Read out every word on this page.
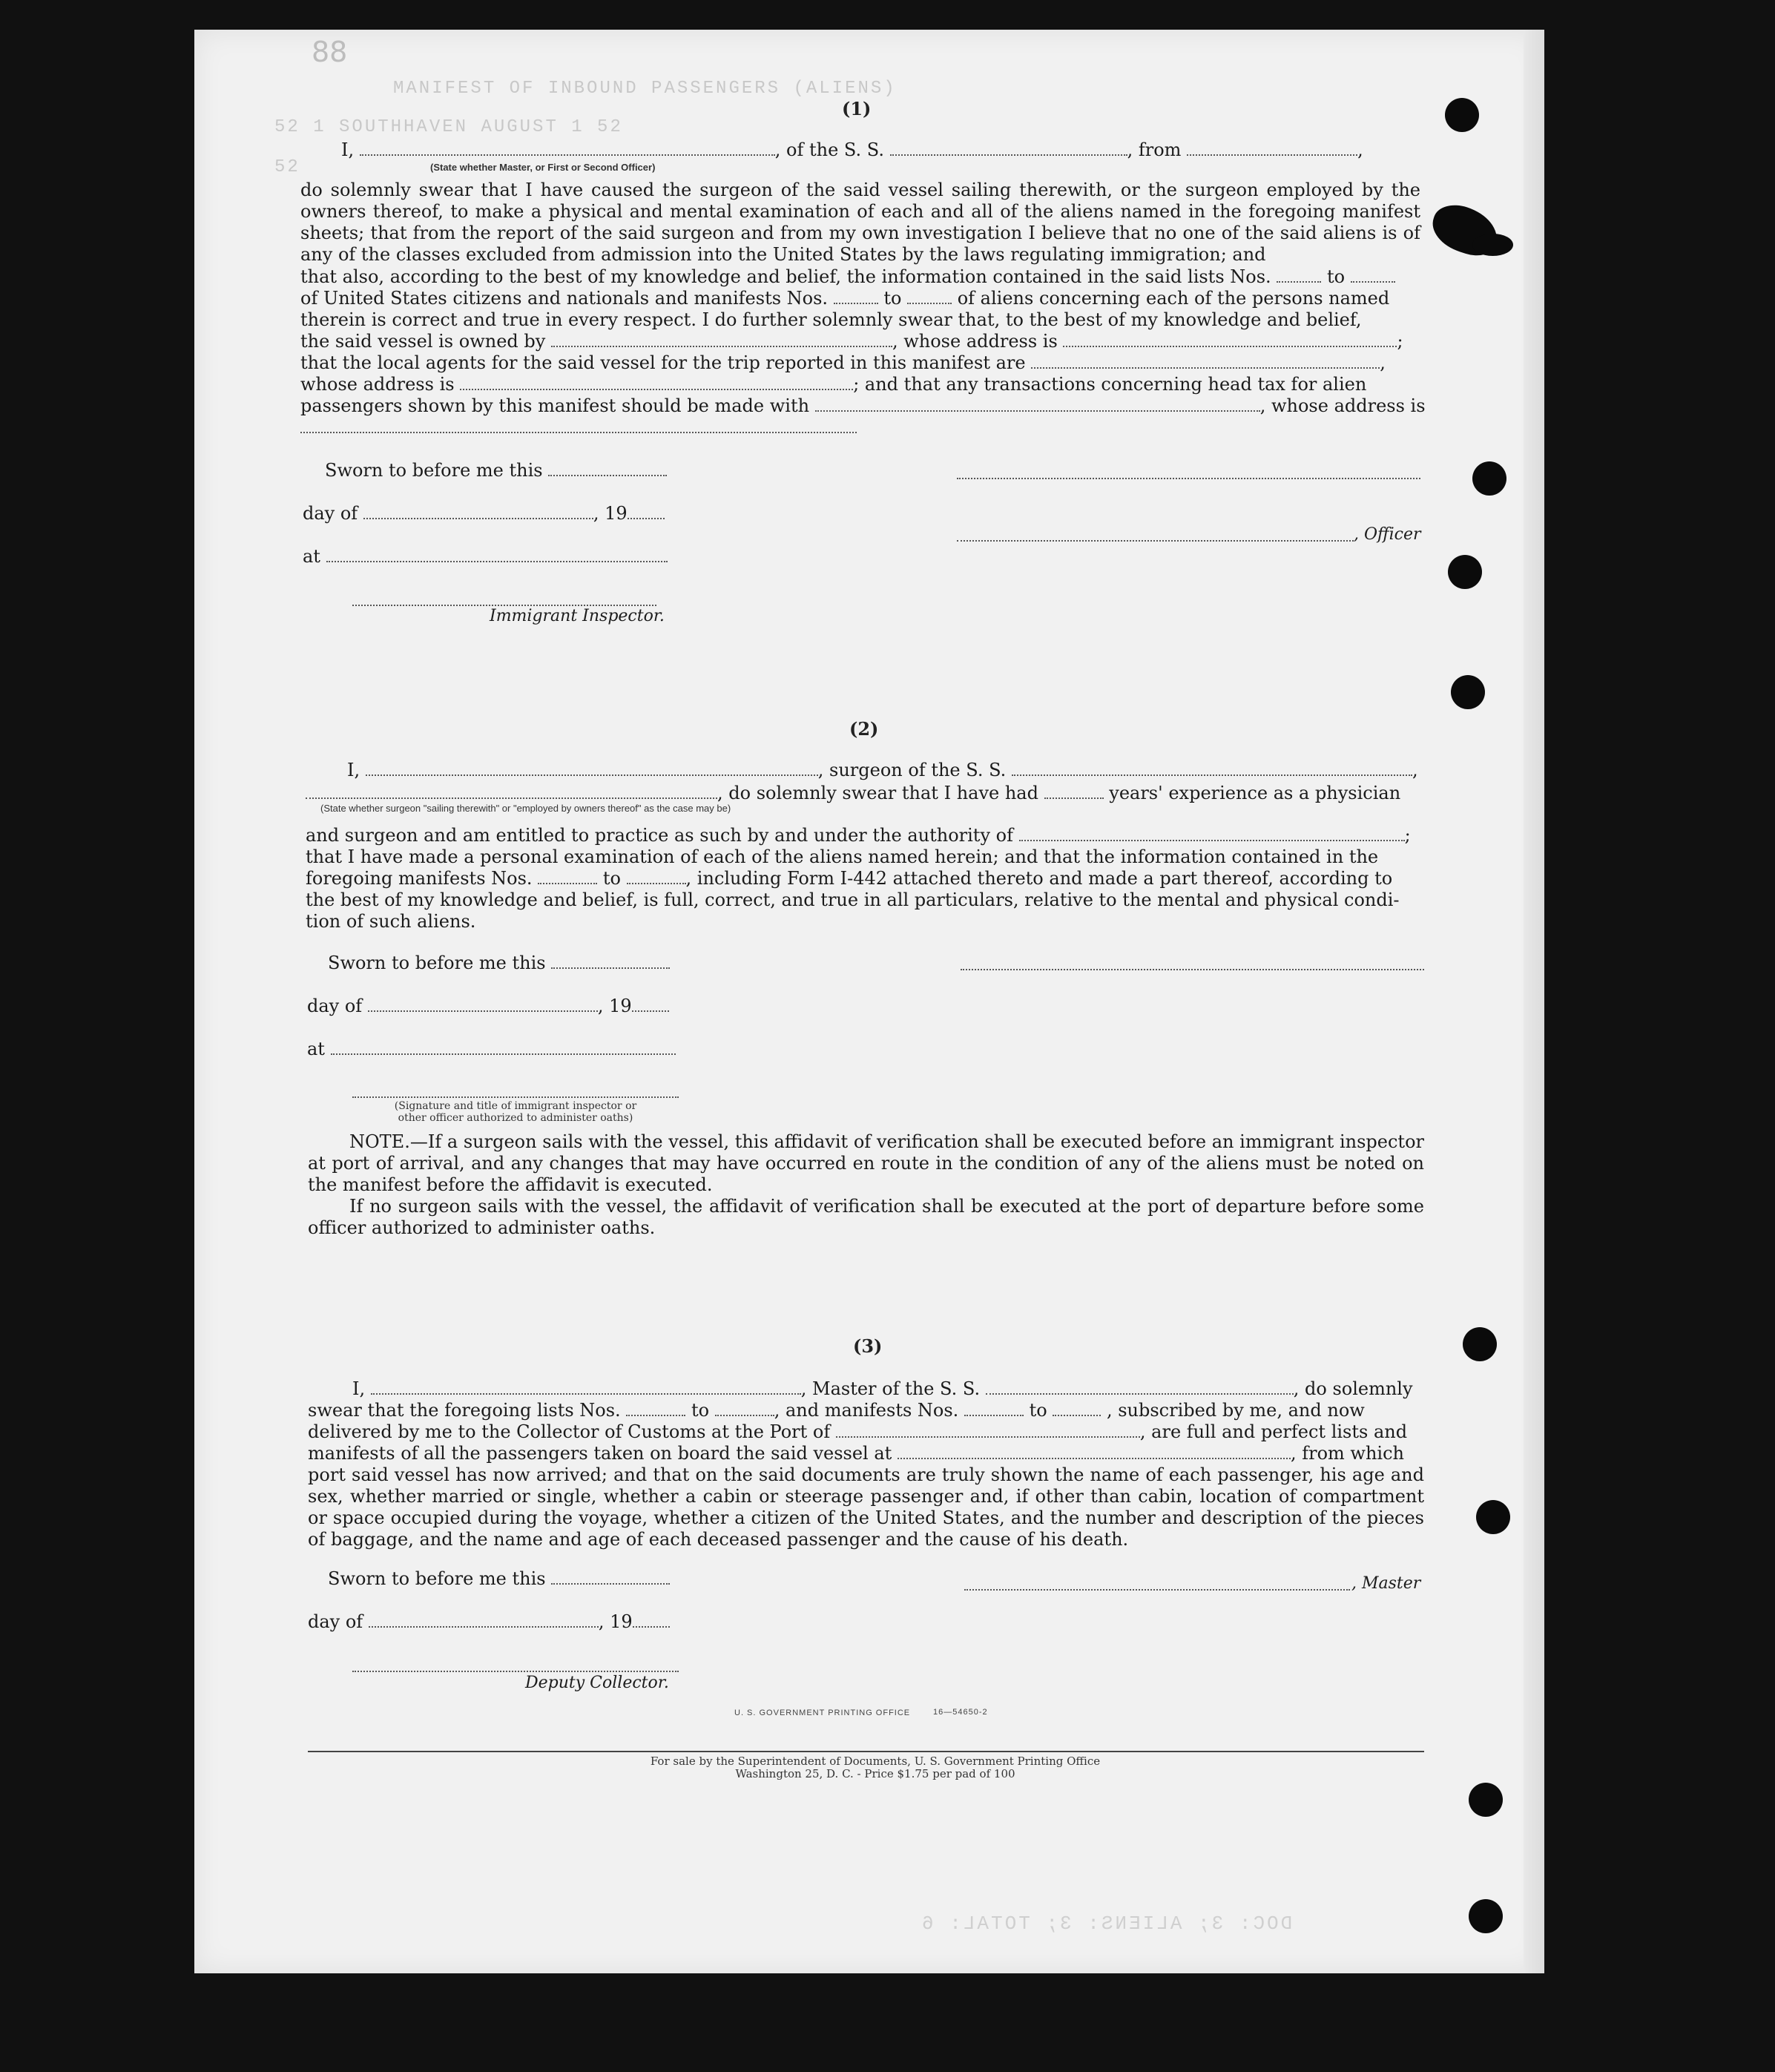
88
MANIFEST OF INBOUND PASSENGERS (ALIENS)
52 1 SOUTHHAVEN AUGUST 1 52
52
(1)
I,	, of the S. S.	, from	,
(State whether Master, or First or Second Officer)
do solemnly swear that I have caused the surgeon of the said vessel sailing therewith, or the surgeon employed by the owners thereof, to make a physical and mental examination of each and all of the aliens named in the foregoing manifest sheets; that from the report of the said surgeon and from my own investigation I believe that no one of the said aliens is of any of the classes excluded from admission into the United States by the laws regulating immigration; and
that also, according to the best of my knowledge and belief, the information contained in the said lists Nos.	to
of United States citizens and nationals and manifests Nos.	to	of aliens concerning each of the persons named
therein is correct and true in every respect. I do further solemnly swear that, to the best of my knowledge and belief,
the said vessel is owned by	, whose address is	;
that the local agents for the said vessel for the trip reported in this manifest are	,
whose address is	; and that any transactions concerning head tax for alien
passengers shown by this manifest should be made with	, whose address is
Sworn to before me this
day of	, 19
, Officer
at
Immigrant Inspector.
(2)
I,	, surgeon of the S. S.	,
, do solemnly swear that I have had	years' experience as a physician
(State whether surgeon "sailing therewith" or "employed by owners thereof" as the case may be)
and surgeon and am entitled to practice as such by and under the authority of	;
that I have made a personal examination of each of the aliens named herein; and that the information contained in the
foregoing manifests Nos.	to	, including Form I-442 attached thereto and made a part thereof, according to
the best of my knowledge and belief, is full, correct, and true in all particulars, relative to the mental and physical condi-
tion of such aliens.
Sworn to before me this
day of	, 19
at
(Signature and title of immigrant inspector or
other officer authorized to administer oaths)
NOTE.—If a surgeon sails with the vessel, this affidavit of verification shall be executed before an immigrant inspector at port of arrival, and any changes that may have occurred en route in the condition of any of the aliens must be noted on the manifest before the affidavit is executed.
If no surgeon sails with the vessel, the affidavit of verification shall be executed at the port of departure before some officer authorized to administer oaths.
(3)
I,	, Master of the S. S.	, do solemnly
swear that the foregoing lists Nos.	to	, and manifests Nos.	to	, subscribed by me, and now
delivered by me to the Collector of Customs at the Port of	, are full and perfect lists and
manifests of all the passengers taken on board the said vessel at	, from which
port said vessel has now arrived; and that on the said documents are truly shown the name of each passenger, his age and sex, whether married or single, whether a cabin or steerage passenger and, if other than cabin, location of compartment or space occupied during the voyage, whether a citizen of the United States, and the number and description of the pieces of baggage, and the name and age of each deceased passenger and the cause of his death.
Sworn to before me this	, Master
day of	, 19
Deputy Collector.
U. S. GOVERNMENT PRINTING OFFICE	16—54650-2
For sale by the Superintendent of Documents, U. S. Government Printing Office
Washington 25, D. C. - Price $1.75 per pad of 100
DOC: 3; ALIENS: 3; TOTAL: 6
